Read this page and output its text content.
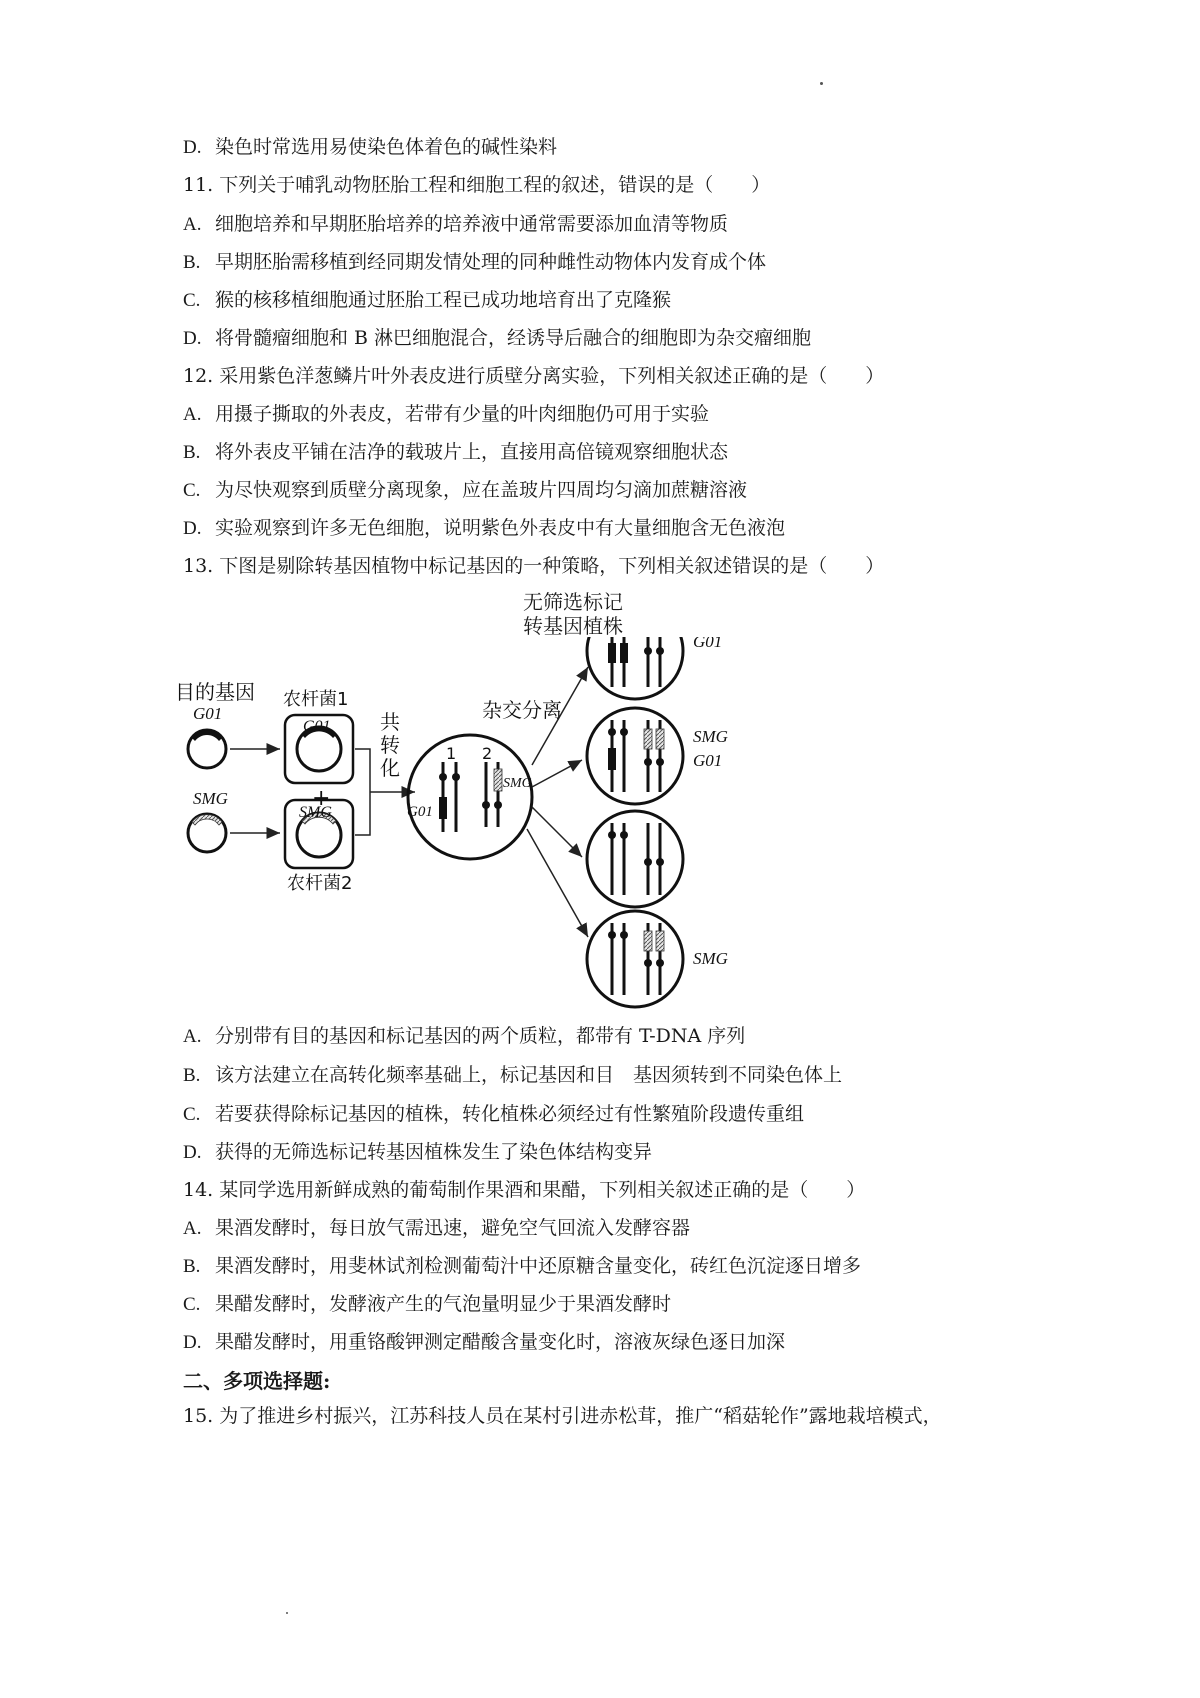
D. 染色时常选用易使染色体着色的碱性染料
11. 下列关于哺乳动物胚胎工程和细胞工程的叙述，错误的是（　　）
A. 细胞培养和早期胚胎培养的培养液中通常需要添加血清等物质
B. 早期胚胎需移植到经同期发情处理的同种雌性动物体内发育成个体
C. 猴的核移植细胞通过胚胎工程已成功地培育出了克隆猴
D. 将骨髓瘤细胞和 B 淋巴细胞混合，经诱导后融合的细胞即为杂交瘤细胞
12. 采用紫色洋葱鳞片叶外表皮进行质壁分离实验，下列相关叙述正确的是（　　）
A. 用摄子撕取的外表皮，若带有少量的叶肉细胞仍可用于实验
B. 将外表皮平铺在洁净的载玻片上，直接用高倍镜观察细胞状态
C. 为尽快观察到质壁分离现象，应在盖玻片四周均匀滴加蔗糖溶液
D. 实验观察到许多无色细胞，说明紫色外表皮中有大量细胞含无色液泡
13. 下图是剔除转基因植物中标记基因的一种策略，下列相关叙述错误的是（　　）
目的基因
G01
SMG
农杆菌1
G01
+
SMG
农杆菌2
共
转
化
1 2
G01
SMG
杂交分离
G01
SMG
G01
SMG
无筛选标记
转基因植株
A. 分别带有目的基因和标记基因的两个质粒，都带有 T-DNA 序列
B. 该方法建立在高转化频率基础上，标记基因和目　基因须转到不同染色体上
C. 若要获得除标记基因的植株，转化植株必须经过有性繁殖阶段遗传重组
D. 获得的无筛选标记转基因植株发生了染色体结构变异
14. 某同学选用新鲜成熟的葡萄制作果酒和果醋，下列相关叙述正确的是（　　）
A. 果酒发酵时，每日放气需迅速，避免空气回流入发酵容器
B. 果酒发酵时，用斐林试剂检测葡萄汁中还原糖含量变化，砖红色沉淀逐日增多
C. 果醋发酵时，发酵液产生的气泡量明显少于果酒发酵时
D. 果醋发酵时，用重铬酸钾测定醋酸含量变化时，溶液灰绿色逐日加深
二、多项选择题:
15. 为了推进乡村振兴，江苏科技人员在某村引进赤松茸，推广“稻菇轮作”露地栽培模式，
